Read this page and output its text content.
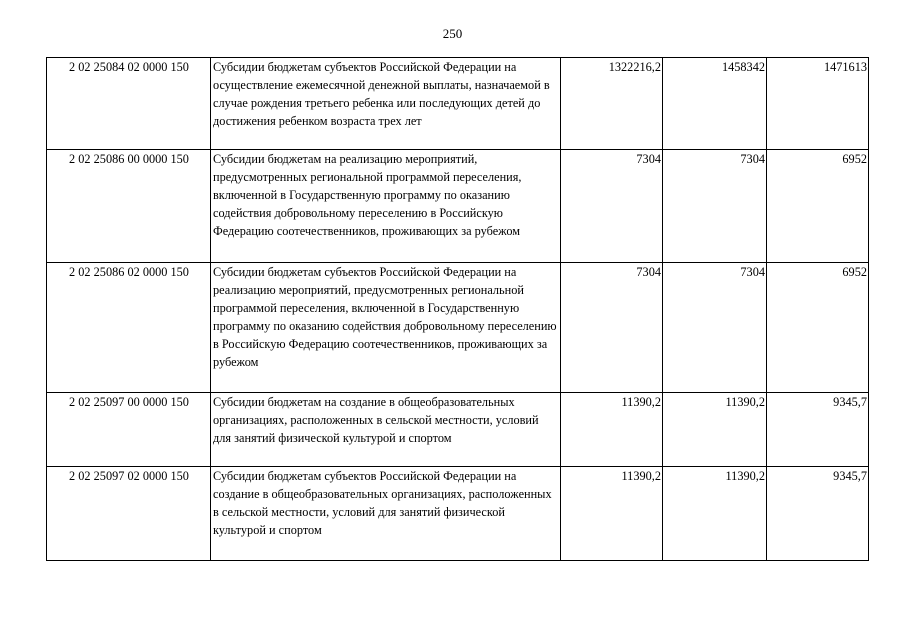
250
2 02 25084 02 0000 150	Субсидии бюджетам субъектов Российской Федерации на осуществление ежемесячной денежной выплаты, назначаемой в случае рождения третьего ребенка или последующих детей до достижения ребенком возраста трех лет	1322216,2	1458342	1471613
2 02 25086 00 0000 150	Субсидии бюджетам на реализацию мероприятий, предусмотренных региональной программой переселения, включенной в Государственную программу по оказанию содействия добровольному переселению в Российскую Федерацию соотечественников, проживающих за рубежом	7304	7304	6952
2 02 25086 02 0000 150	Субсидии бюджетам субъектов Российской Федерации на реализацию мероприятий, предусмотренных региональной программой переселения, включенной в Государственную программу по оказанию содействия добровольному переселению в Российскую Федерацию соотечественников, проживающих за рубежом	7304	7304	6952
2 02 25097 00 0000 150	Субсидии бюджетам на создание в общеобразовательных организациях, расположенных в сельской местности, условий для занятий физической культурой и спортом	11390,2	11390,2	9345,7
2 02 25097 02 0000 150	Субсидии бюджетам субъектов Российской Федерации на создание в общеобразовательных организациях, расположенных в сельской местности, условий для занятий физической культурой и спортом	11390,2	11390,2	9345,7
